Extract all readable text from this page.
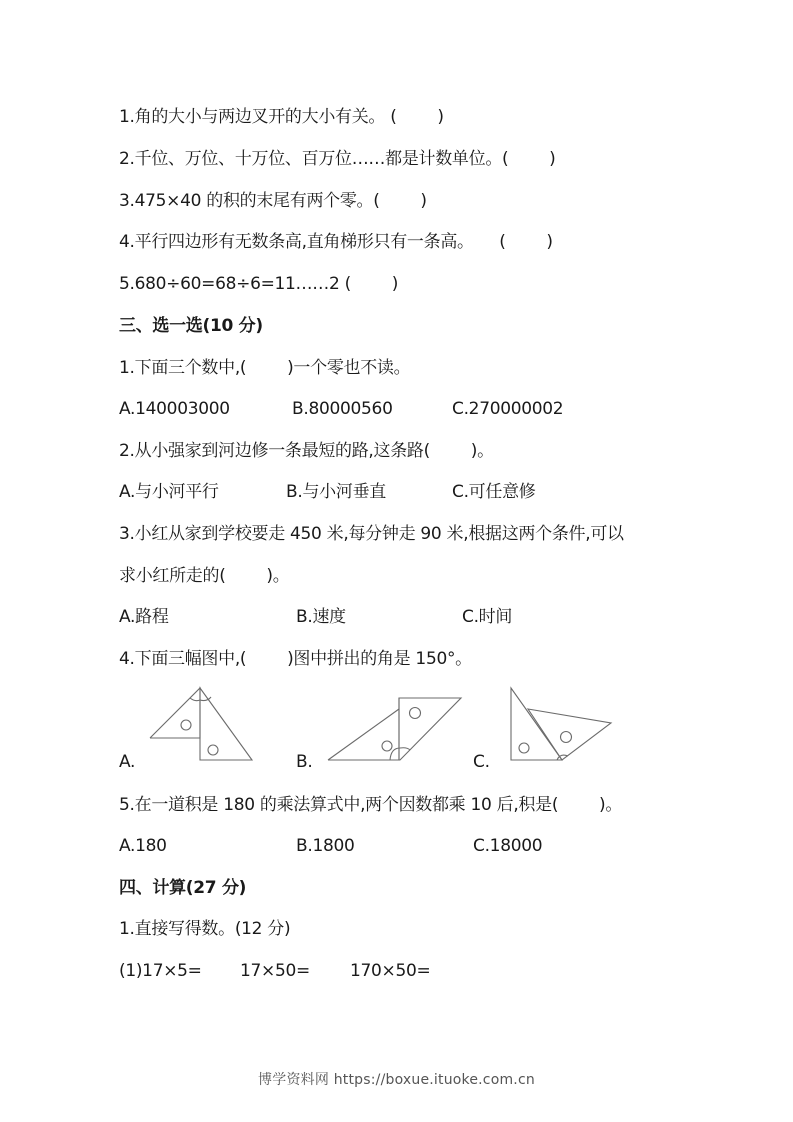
1.角的大小与两边叉开的大小有关。 (        )
2.千位、万位、十万位、百万位……都是计数单位。(        )
3.475×40 的积的末尾有两个零。(        )
4.平行四边形有无数条高,直角梯形只有一条高。     (        )
5.680÷60=68÷6=11……2 (        )
三、选一选(10 分)
1.下面三个数中,(        )一个零也不读。
A.140003000	B.80000560	C.270000002
2.从小强家到河边修一条最短的路,这条路(        )。
A.与小河平行	B.与小河垂直	C.可任意修
3.小红从家到学校要走 450 米,每分钟走 90 米,根据这两个条件,可以
求小红所走的(        )。
A.路程	B.速度	C.时间
4.下面三幅图中,(        )图中拼出的角是 150°。
A.	B.	C.
5.在一道积是 180 的乘法算式中,两个因数都乘 10 后,积是(        )。
A.180	B.1800	C.18000
四、计算(27 分)
1.直接写得数。(12 分)
(1)17×5= 17×50= 170×50=
博学资料网 https://boxue.ituoke.com.cn
